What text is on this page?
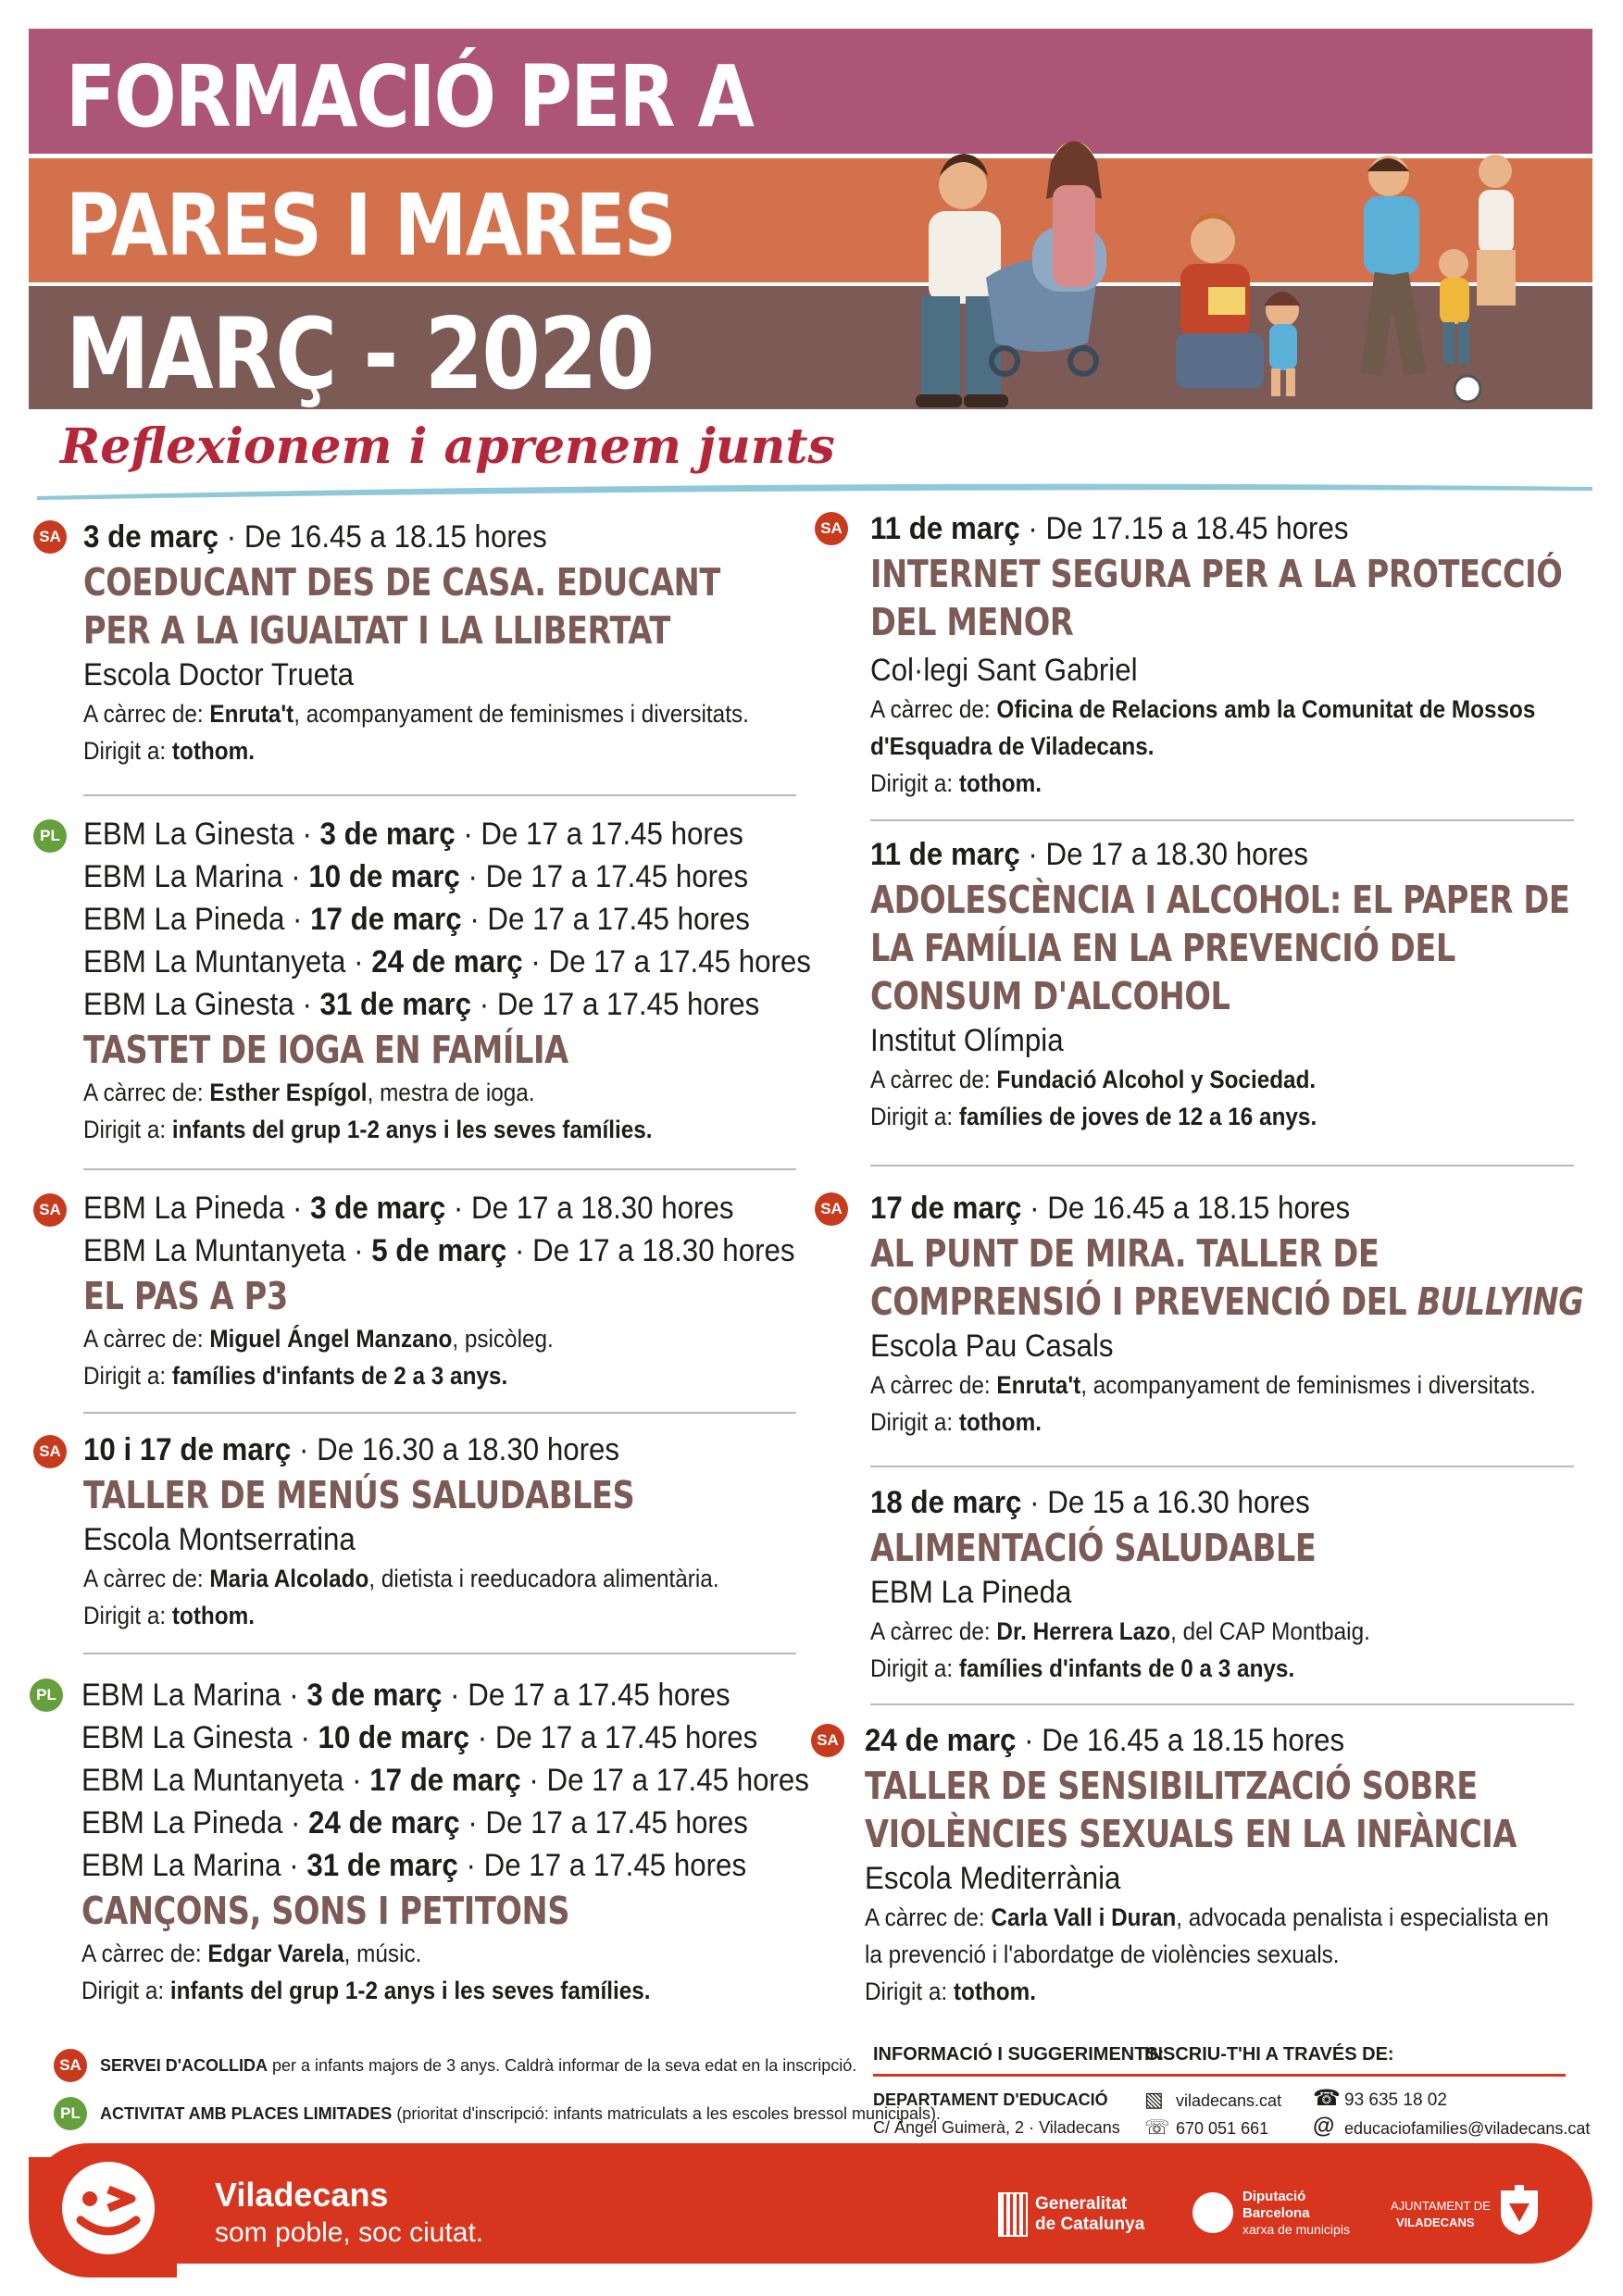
FORMACIÓ PER A
PARES I MARES
MARÇ - 2020
Reflexionem i aprenem junts
SA 3 de març · De 16.45 a 18.15 hores
COEDUCANT DES DE CASA. EDUCANT
PER A LA IGUALTAT I LA LLIBERTAT
Escola Doctor Trueta
A càrrec de: Enruta't, acompanyament de feminismes i diversitats.
Dirigit a: tothom.
PL EBM La Ginesta · 3 de març · De 17 a 17.45 hores
EBM La Marina · 10 de març · De 17 a 17.45 hores
EBM La Pineda · 17 de març · De 17 a 17.45 hores
EBM La Muntanyeta · 24 de març · De 17 a 17.45 hores
EBM La Ginesta · 31 de març · De 17 a 17.45 hores
TASTET DE IOGA EN FAMÍLIA
A càrrec de: Esther Espígol, mestra de ioga.
Dirigit a: infants del grup 1-2 anys i les seves famílies.
SA EBM La Pineda · 3 de març · De 17 a 18.30 hores
EBM La Muntanyeta · 5 de març · De 17 a 18.30 hores
EL PAS A P3
A càrrec de: Miguel Ángel Manzano, psicòleg.
Dirigit a: famílies d'infants de 2 a 3 anys.
SA 10 i 17 de març · De 16.30 a 18.30 hores
TALLER DE MENÚS SALUDABLES
Escola Montserratina
A càrrec de: Maria Alcolado, dietista i reeducadora alimentària.
Dirigit a: tothom.
PL EBM La Marina · 3 de març · De 17 a 17.45 hores
EBM La Ginesta · 10 de març · De 17 a 17.45 hores
EBM La Muntanyeta · 17 de març · De 17 a 17.45 hores
EBM La Pineda · 24 de març · De 17 a 17.45 hores
EBM La Marina · 31 de març · De 17 a 17.45 hores
CANÇONS, SONS I PETITONS
A càrrec de: Edgar Varela, músic.
Dirigit a: infants del grup 1-2 anys i les seves famílies.
SA 11 de març · De 17.15 a 18.45 hores
INTERNET SEGURA PER A LA PROTECCIÓ
DEL MENOR
Col·legi Sant Gabriel
A càrrec de: Oficina de Relacions amb la Comunitat de Mossos
d'Esquadra de Viladecans.
Dirigit a: tothom.
11 de març · De 17 a 18.30 hores
ADOLESCÈNCIA I ALCOHOL: EL PAPER DE
LA FAMÍLIA EN LA PREVENCIÓ DEL
CONSUM D'ALCOHOL
Institut Olímpia
A càrrec de: Fundació Alcohol y Sociedad.
Dirigit a: famílies de joves de 12 a 16 anys.
SA 17 de març · De 16.45 a 18.15 hores
AL PUNT DE MIRA. TALLER DE
COMPRENSIÓ I PREVENCIÓ DEL BULLYING
Escola Pau Casals
A càrrec de: Enruta't, acompanyament de feminismes i diversitats.
Dirigit a: tothom.
18 de març · De 15 a 16.30 hores
ALIMENTACIÓ SALUDABLE
EBM La Pineda
A càrrec de: Dr. Herrera Lazo, del CAP Montbaig.
Dirigit a: famílies d'infants de 0 a 3 anys.
SA 24 de març · De 16.45 a 18.15 hores
TALLER DE SENSIBILITZACIÓ SOBRE
VIOLÈNCIES SEXUALS EN LA INFÀNCIA
Escola Mediterrània
A càrrec de: Carla Vall i Duran, advocada penalista i especialista en
la prevenció i l'abordatge de violències sexuals.
Dirigit a: tothom.
SA	SERVEI D'ACOLLIDA per a infants majors de 3 anys. Caldrà informar de la seva edat en la inscripció.
PL	ACTIVITAT AMB PLACES LIMITADES (prioritat d'inscripció: infants matriculats a les escoles bressol municipals).
INFORMACIÓ I SUGGERIMENTS:
INSCRIU-T'HI A TRAVÉS DE:
DEPARTAMENT D'EDUCACIÓ
C/ Àngel Guimerà, 2 · Viladecans
▧ viladecans.cat
☏ 670 051 661
☎ 93 635 18 02
@ educaciofamilies@viladecans.cat
Viladecans
som poble, soc ciutat.
Generalitat
de Catalunya
Diputació
Barcelona
xarxa de municipis
AJUNTAMENT DE
VILADECANS
